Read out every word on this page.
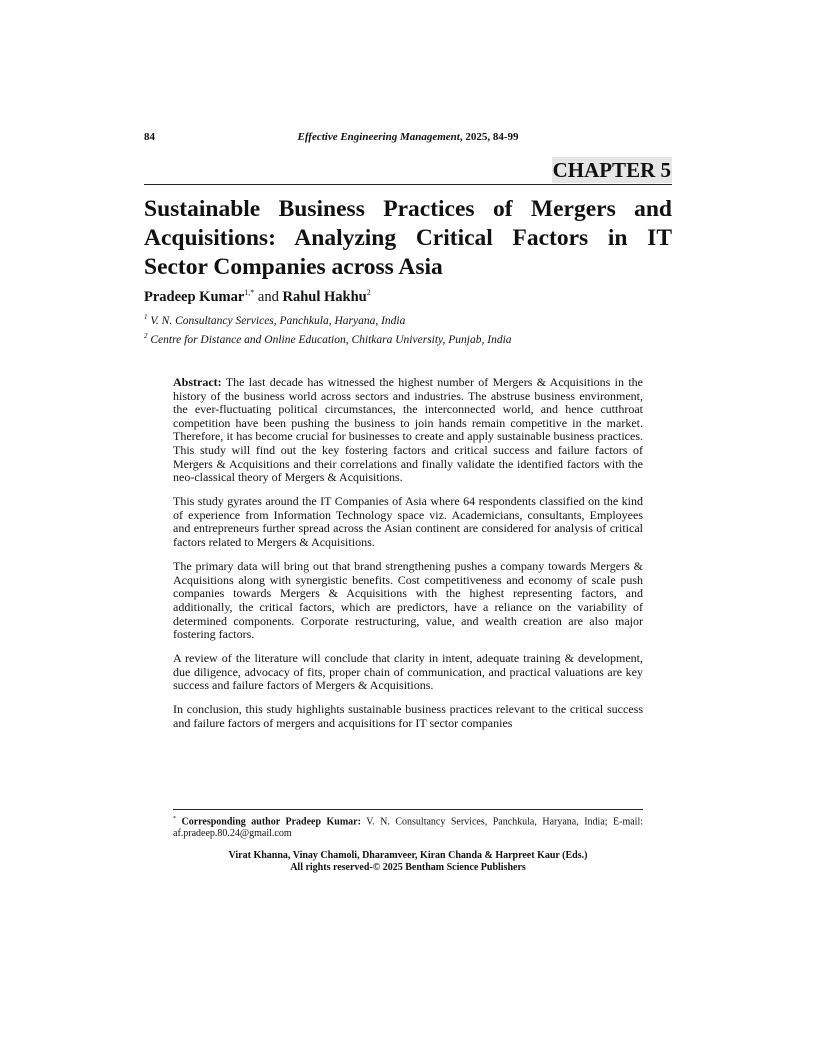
84	Effective Engineering Management, 2025, 84-99
CHAPTER 5
Sustainable Business Practices of Mergers and
Acquisitions: Analyzing Critical Factors in IT
Sector Companies across Asia
Pradeep Kumar$^{1,*}$ and Rahul Hakhu$^2$
$^1$ V. N. Consultancy Services, Panchkula, Haryana, India
$^2$ Centre for Distance and Online Education, Chitkara University, Punjab, India

Abstract: The last decade has witnessed the highest number of Mergers & Acquisitions in the history of the business world across sectors and industries. The abstruse business environment, the ever-fluctuating political circumstances, the interconnected world, and hence cutthroat competition have been pushing the business to join hands remain competitive in the market. Therefore, it has become crucial for businesses to create and apply sustainable business practices. This study will find out the key fostering factors and critical success and failure factors of Mergers & Acquisitions and their correlations and finally validate the identified factors with the neo-classical theory of Mergers & Acquisitions.

This study gyrates around the IT Companies of Asia where 64 respondents classified on the kind of experience from Information Technology space viz. Academicians, consultants, Employees and entrepreneurs further spread across the Asian continent are considered for analysis of critical factors related to Mergers & Acquisitions.

The primary data will bring out that brand strengthening pushes a company towards Mergers & Acquisitions along with synergistic benefits. Cost competitiveness and economy of scale push companies towards Mergers & Acquisitions with the highest representing factors, and additionally, the critical factors, which are predictors, have a reliance on the variability of determined components. Corporate restructuring, value, and wealth creation are also major fostering factors.

A review of the literature will conclude that clarity in intent, adequate training & development, due diligence, advocacy of fits, proper chain of communication, and practical valuations are key success and failure factors of Mergers & Acquisitions.

In conclusion, this study highlights sustainable business practices relevant to the critical success and failure factors of mergers and acquisitions for IT sector companies

* Corresponding author Pradeep Kumar: V. N. Consultancy Services, Panchkula, Haryana, India; E-mail: af.pradeep.80.24@gmail.com
Virat Khanna, Vinay Chamoli, Dharamveer, Kiran Chanda & Harpreet Kaur (Eds.)
All rights reserved-© 2025 Bentham Science Publishers
